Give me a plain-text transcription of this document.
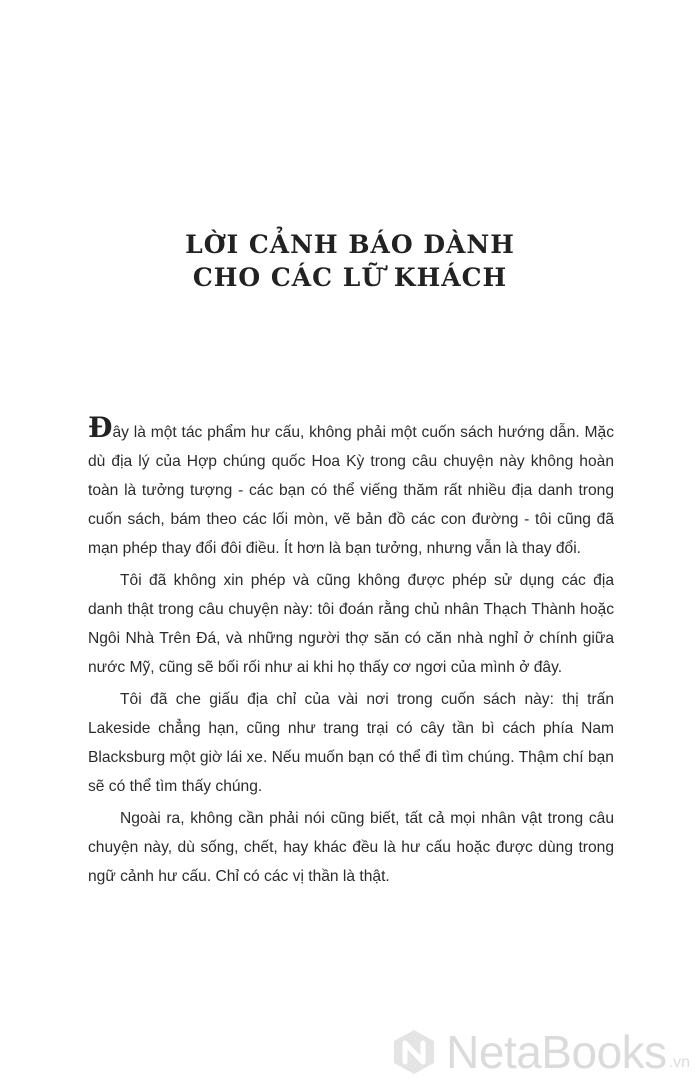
LỜI CẢNH BÁO DÀNH
CHO CÁC LỮ KHÁCH

Đây là một tác phẩm hư cấu, không phải một cuốn sách hướng dẫn. Mặc dù địa lý của Hợp chúng quốc Hoa Kỳ trong câu chuyện này không hoàn toàn là tưởng tượng - các bạn có thể viếng thăm rất nhiều địa danh trong cuốn sách, bám theo các lối mòn, vẽ bản đồ các con đường - tôi cũng đã mạn phép thay đổi đôi điều. Ít hơn là bạn tưởng, nhưng vẫn là thay đổi.

Tôi đã không xin phép và cũng không được phép sử dụng các địa danh thật trong câu chuyện này: tôi đoán rằng chủ nhân Thạch Thành hoặc Ngôi Nhà Trên Đá, và những người thợ săn có căn nhà nghỉ ở chính giữa nước Mỹ, cũng sẽ bối rối như ai khi họ thấy cơ ngơi của mình ở đây.

Tôi đã che giấu địa chỉ của vài nơi trong cuốn sách này: thị trấn Lakeside chẳng hạn, cũng như trang trại có cây tần bì cách phía Nam Blacksburg một giờ lái xe. Nếu muốn bạn có thể đi tìm chúng. Thậm chí bạn sẽ có thể tìm thấy chúng.

Ngoài ra, không cần phải nói cũng biết, tất cả mọi nhân vật trong câu chuyện này, dù sống, chết, hay khác đều là hư cấu hoặc được dùng trong ngữ cảnh hư cấu. Chỉ có các vị thần là thật.

NetaBooks .vn
